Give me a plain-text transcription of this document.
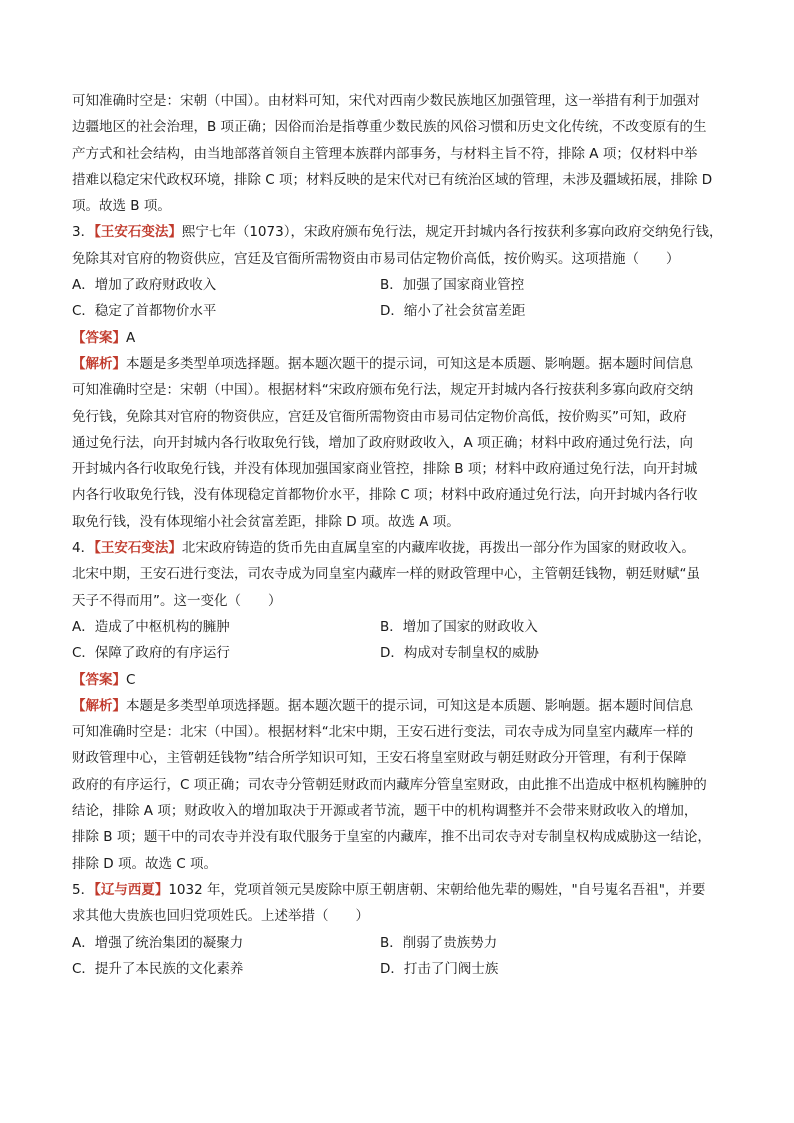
可知准确时空是：宋朝（中国）。由材料可知，宋代对西南少数民族地区加强管理，这一举措有利于加强对
边疆地区的社会治理，B 项正确；因俗而治是指尊重少数民族的风俗习惯和历史文化传统，不改变原有的生
产方式和社会结构，由当地部落首领自主管理本族群内部事务，与材料主旨不符，排除 A 项；仅材料中举
措难以稳定宋代政权环境，排除 C 项；材料反映的是宋代对已有统治区域的管理，未涉及疆域拓展，排除 D
项。故选 B 项。
3．【王安石变法】熙宁七年（1073），宋政府颁布免行法，规定开封城内各行按获利多寡向政府交纳免行钱，
免除其对官府的物资供应，宫廷及官衙所需物资由市易司估定物价高低，按价购买。这项措施（　　）
A．增加了政府财政收入	B．加强了国家商业管控
C．稳定了首都物价水平	D．缩小了社会贫富差距
【答案】A
【解析】本题是多类型单项选择题。据本题次题干的提示词，可知这是本质题、影响题。据本题时间信息
可知准确时空是：宋朝（中国）。根据材料“宋政府颁布免行法，规定开封城内各行按获利多寡向政府交纳
免行钱，免除其对官府的物资供应，宫廷及官衙所需物资由市易司估定物价高低，按价购买”可知，政府
通过免行法，向开封城内各行收取免行钱，增加了政府财政收入，A 项正确；材料中政府通过免行法，向
开封城内各行收取免行钱，并没有体现加强国家商业管控，排除 B 项；材料中政府通过免行法，向开封城
内各行收取免行钱，没有体现稳定首都物价水平，排除 C 项；材料中政府通过免行法，向开封城内各行收
取免行钱，没有体现缩小社会贫富差距，排除 D 项。故选 A 项。
4．【王安石变法】北宋政府铸造的货币先由直属皇室的内藏库收拢，再拨出一部分作为国家的财政收入。
北宋中期，王安石进行变法，司农寺成为同皇室内藏库一样的财政管理中心，主管朝廷钱物，朝廷财赋“虽
天子不得而用”。这一变化（　　）
A．造成了中枢机构的臃肿	B．增加了国家的财政收入
C．保障了政府的有序运行	D．构成对专制皇权的威胁
【答案】C
【解析】本题是多类型单项选择题。据本题次题干的提示词，可知这是本质题、影响题。据本题时间信息
可知准确时空是：北宋（中国）。根据材料“北宋中期，王安石进行变法，司农寺成为同皇室内藏库一样的
财政管理中心，主管朝廷钱物”结合所学知识可知，王安石将皇室财政与朝廷财政分开管理，有利于保障
政府的有序运行，C 项正确；司农寺分管朝廷财政而内藏库分管皇室财政，由此推不出造成中枢机构臃肿的
结论，排除 A 项；财政收入的增加取决于开源或者节流，题干中的机构调整并不会带来财政收入的增加，
排除 B 项；题干中的司农寺并没有取代服务于皇室的内藏库，推不出司农寺对专制皇权构成威胁这一结论，
排除 D 项。故选 C 项。
5．【辽与西夏】1032 年，党项首领元昊废除中原王朝唐朝、宋朝给他先辈的赐姓，"自号嵬名吾祖"，并要
求其他大贵族也回归党项姓氏。上述举措（　　）
A．增强了统治集团的凝聚力	B．削弱了贵族势力
C．提升了本民族的文化素养	D．打击了门阀士族
